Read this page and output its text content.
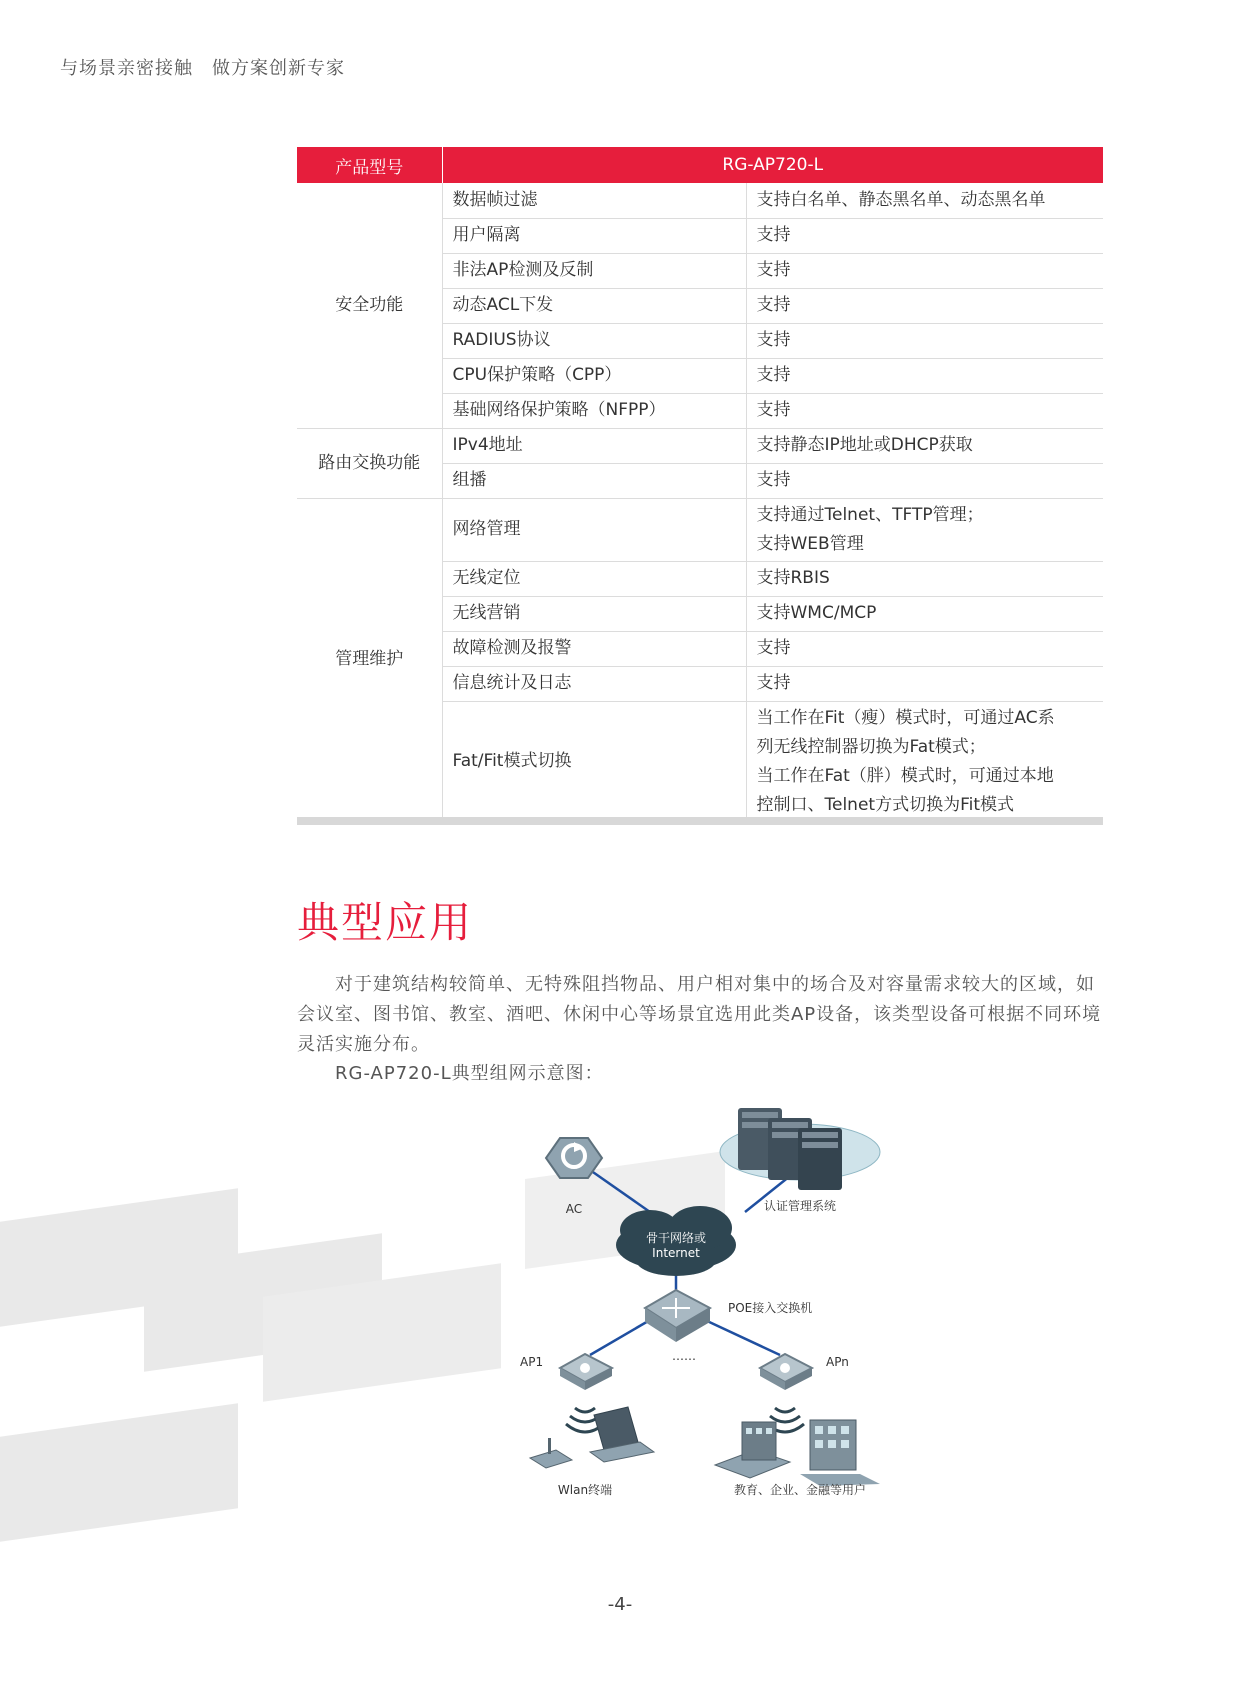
与场景亲密接触　做方案创新专家
产品型号	RG-AP720-L	
安全功能	数据帧过滤	支持白名单、静态黑名单、动态黑名单
	用户隔离	支持
	非法AP检测及反制	支持
	动态ACL下发	支持
	RADIUS协议	支持
	CPU保护策略（CPP）	支持
	基础网络保护策略（NFPP）	支持
路由交换功能	IPv4地址	支持静态IP地址或DHCP获取
	组播	支持
管理维护	网络管理	支持通过Telnet、TFTP管理；
支持WEB管理

	无线定位	支持RBIS
	无线营销	支持WMC/MCP
	故障检测及报警	支持
	信息统计及日志	支持
	Fat/Fit模式切换	当工作在Fit（瘦）模式时，可通过AC系
列无线控制器切换为Fat模式；
当工作在Fat（胖）模式时，可通过本地
控制口、Telnet方式切换为Fit模式
典型应用
对于建筑结构较简单、无特殊阻挡物品、用户相对集中的场合及对容量需求较大的区域，如会议室、图书馆、教室、酒吧、休闲中心等场景宜选用此类AP设备，该类型设备可根据不同环境灵活实施分布。
RG-AP720-L典型组网示意图：
AC	认证管理系统
骨干网络或
Internet
POE接入交换机
AP1	APn
……
Wlan终端	教育、企业、金融等用户
-4-
